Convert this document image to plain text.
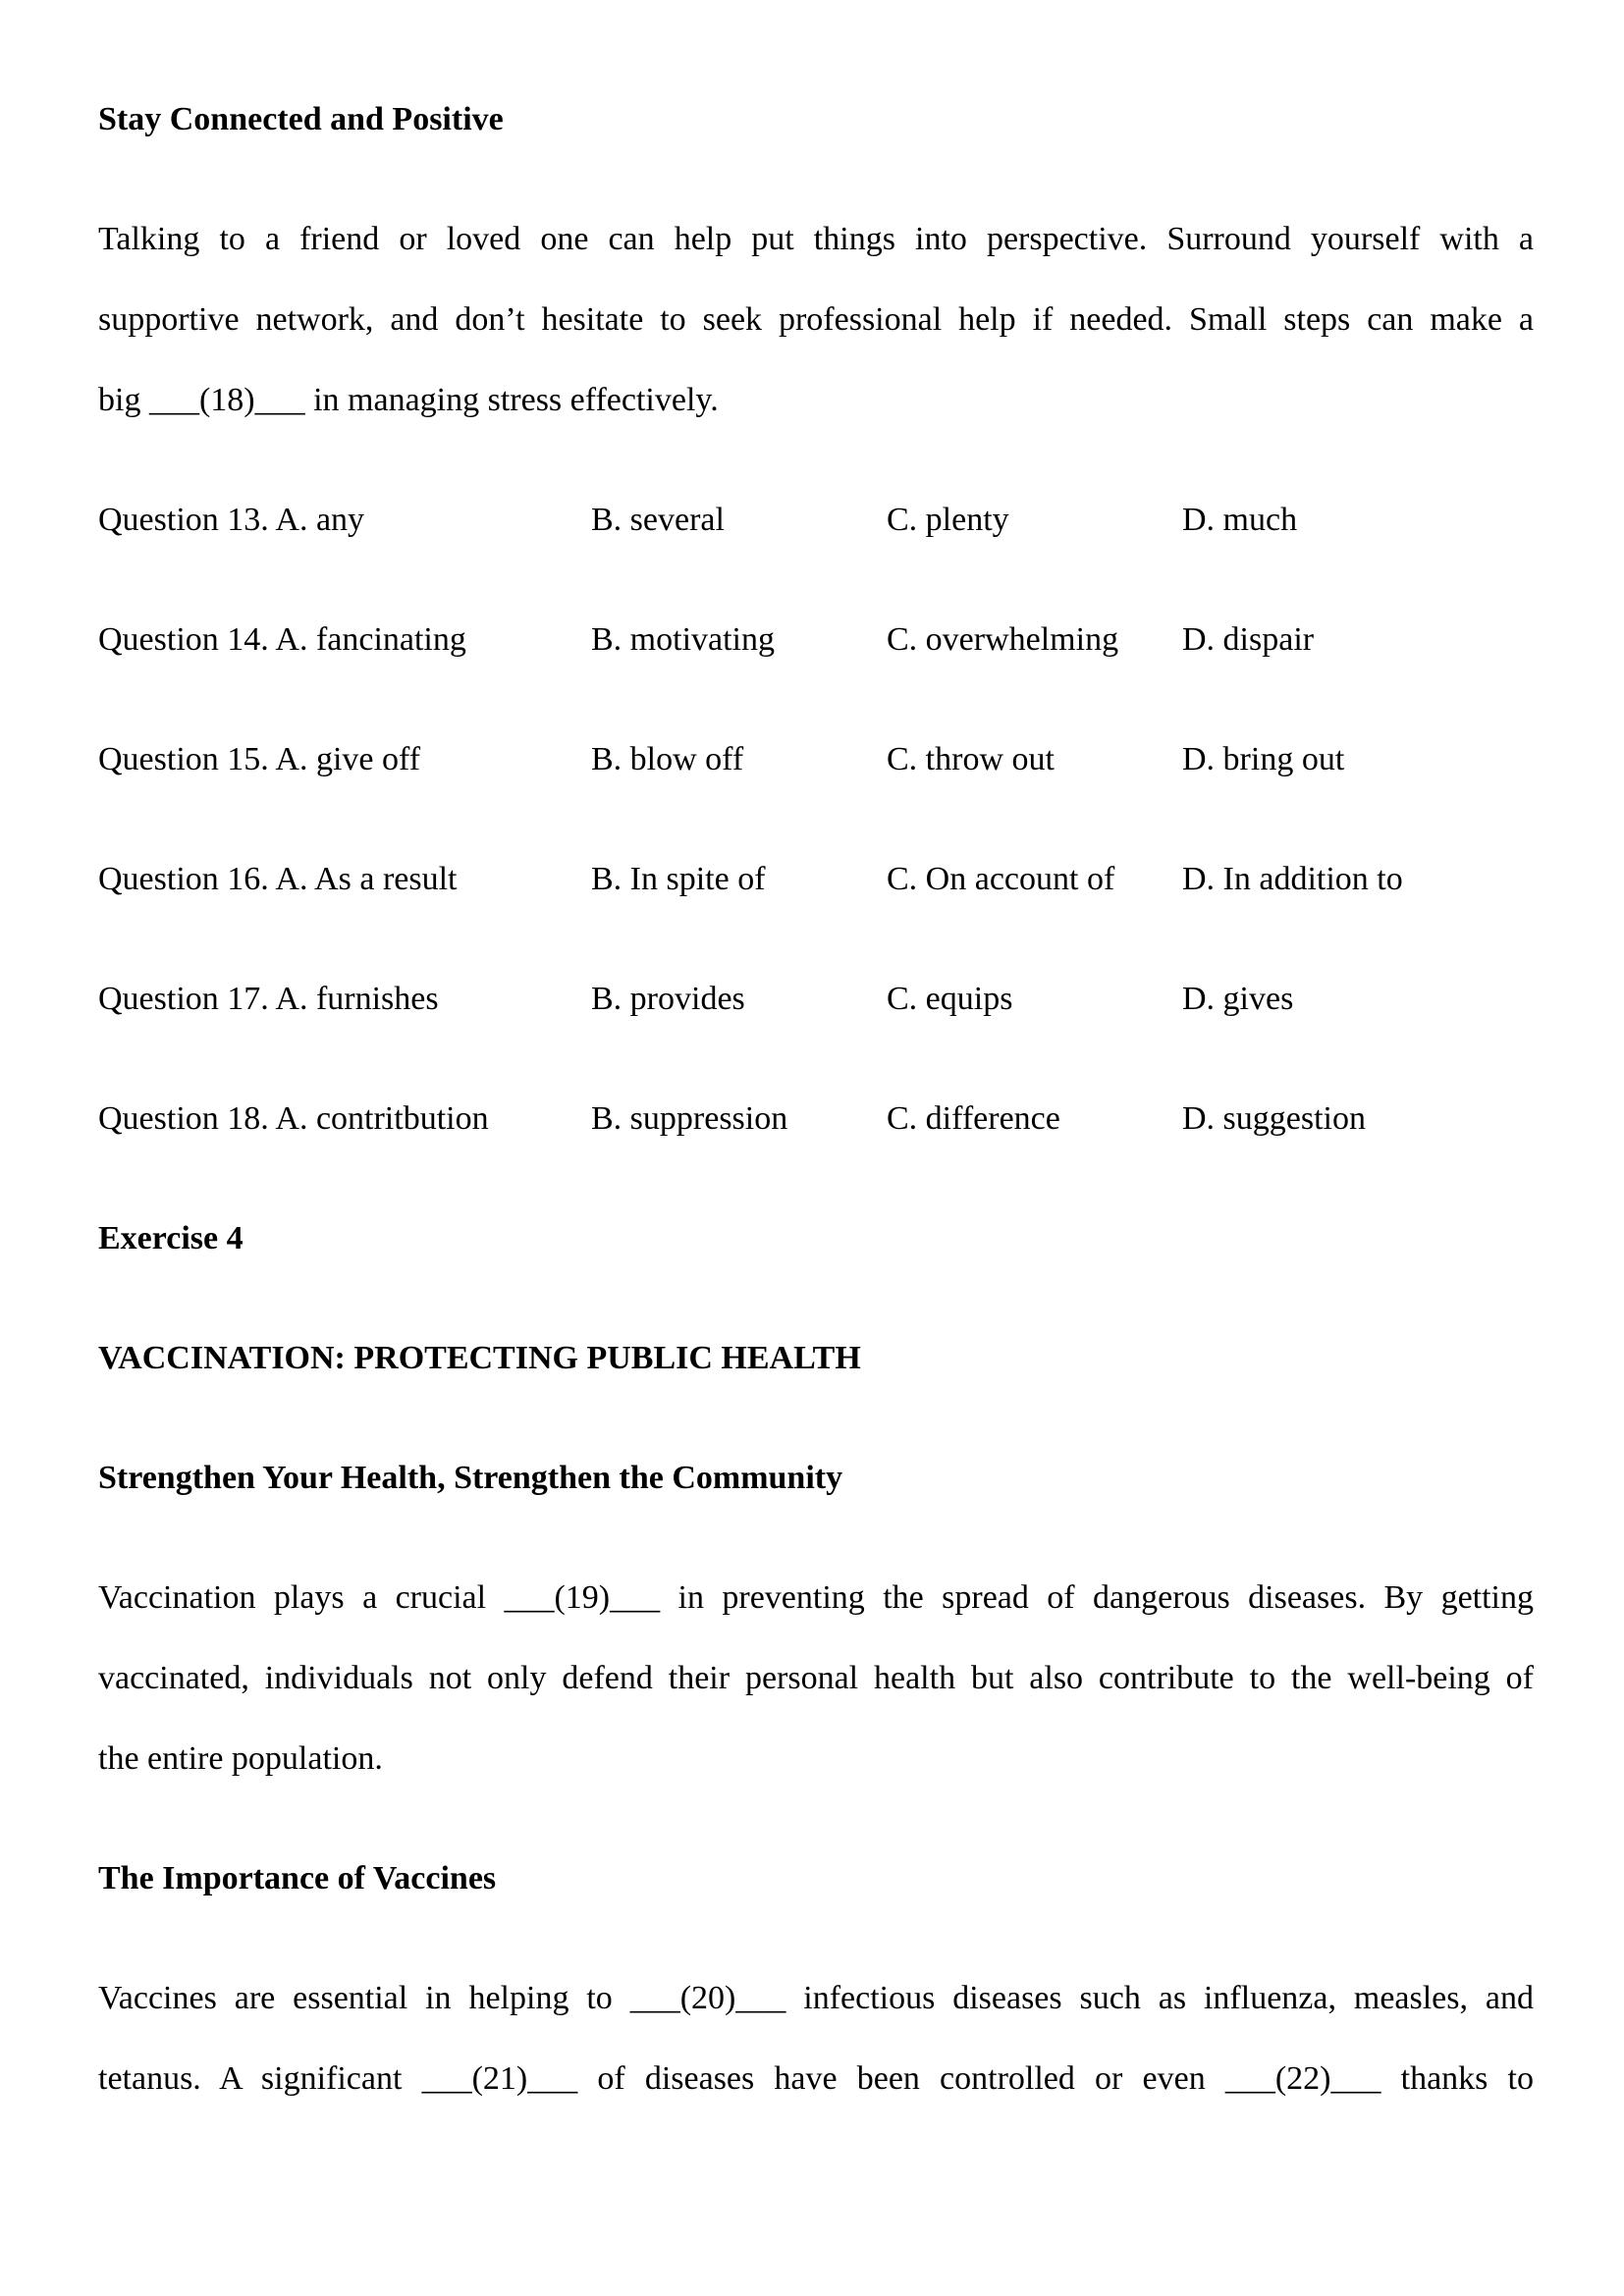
Stay Connected and Positive
Talking to a friend or loved one can help put things into perspective. Surround yourself with a
supportive network, and don’t hesitate to seek professional help if needed. Small steps can make a
big ___(18)___ in managing stress effectively.
Question 13. A. any	B. several	C. plenty	D. much
Question 14. A. fancinating	B. motivating	C. overwhelming D. dispair
Question 15. A. give off	B. blow off	C. throw out	D. bring out
Question 16. A. As a result	B. In spite of	C. On account of D. In addition to
Question 17. A. furnishes	B. provides	C. equips	D. gives
Question 18. A. contritbution	B. suppression	C. difference	D. suggestion
Exercise 4
VACCINATION: PROTECTING PUBLIC HEALTH
Strengthen Your Health, Strengthen the Community
Vaccination plays a crucial ___(19)___ in preventing the spread of dangerous diseases. By getting
vaccinated, individuals not only defend their personal health but also contribute to the well-being of
the entire population.
The Importance of Vaccines
Vaccines are essential in helping to ___(20)___ infectious diseases such as influenza, measles, and
tetanus. A significant ___(21)___ of diseases have been controlled or even ___(22)___ thanks to
